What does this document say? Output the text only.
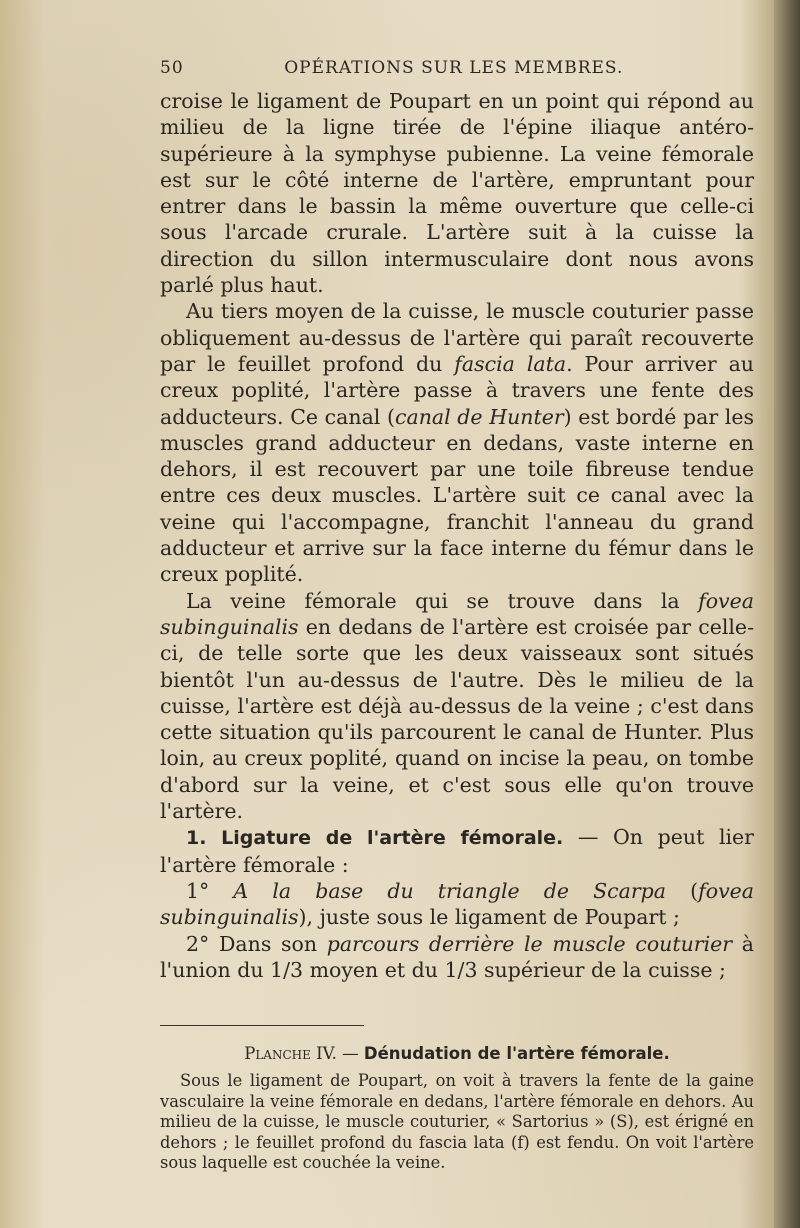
50	OPÉRATIONS SUR LES MEMBRES.

croise le ligament de Poupart en un point qui répond au milieu de la ligne tirée de l'épine iliaque antéro-supérieure à la symphyse pubienne. La veine fémorale est sur le côté interne de l'artère, empruntant pour entrer dans le bassin la même ouverture que celle-ci sous l'arcade crurale. L'artère suit à la cuisse la direction du sillon intermusculaire dont nous avons parlé plus haut.

Au tiers moyen de la cuisse, le muscle couturier passe obliquement au-dessus de l'artère qui paraît recouverte par le feuillet profond du fascia lata. Pour arriver au creux poplité, l'artère passe à travers une fente des adducteurs. Ce canal (canal de Hunter) est bordé par les muscles grand adducteur en dedans, vaste interne en dehors, il est recouvert par une toile fibreuse tendue entre ces deux muscles. L'artère suit ce canal avec la veine qui l'accompagne, franchit l'anneau du grand adducteur et arrive sur la face interne du fémur dans le creux poplité.

La veine fémorale qui se trouve dans la fovea subinguinalis en dedans de l'artère est croisée par celle-ci, de telle sorte que les deux vaisseaux sont situés bientôt l'un au-dessus de l'autre. Dès le milieu de la cuisse, l'artère est déjà au-dessus de la veine ; c'est dans cette situation qu'ils parcourent le canal de Hunter. Plus loin, au creux poplité, quand on incise la peau, on tombe d'abord sur la veine, et c'est sous elle qu'on trouve l'artère.

1. Ligature de l'artère fémorale. — On peut lier l'artère fémorale :

1° A la base du triangle de Scarpa (fovea subinguinalis), juste sous le ligament de Poupart ;

2° Dans son parcours derrière le muscle couturier à l'union du 1/3 moyen et du 1/3 supérieur de la cuisse ;

Planche IV. — Dénudation de l'artère fémorale.

Sous le ligament de Poupart, on voit à travers la fente de la gaine vasculaire la veine fémorale en dedans, l'artère fémorale en dehors. Au milieu de la cuisse, le muscle couturier, « Sartorius » (S), est érigné en dehors ; le feuillet profond du fascia lata (f) est fendu. On voit l'artère sous laquelle est couchée la veine.
